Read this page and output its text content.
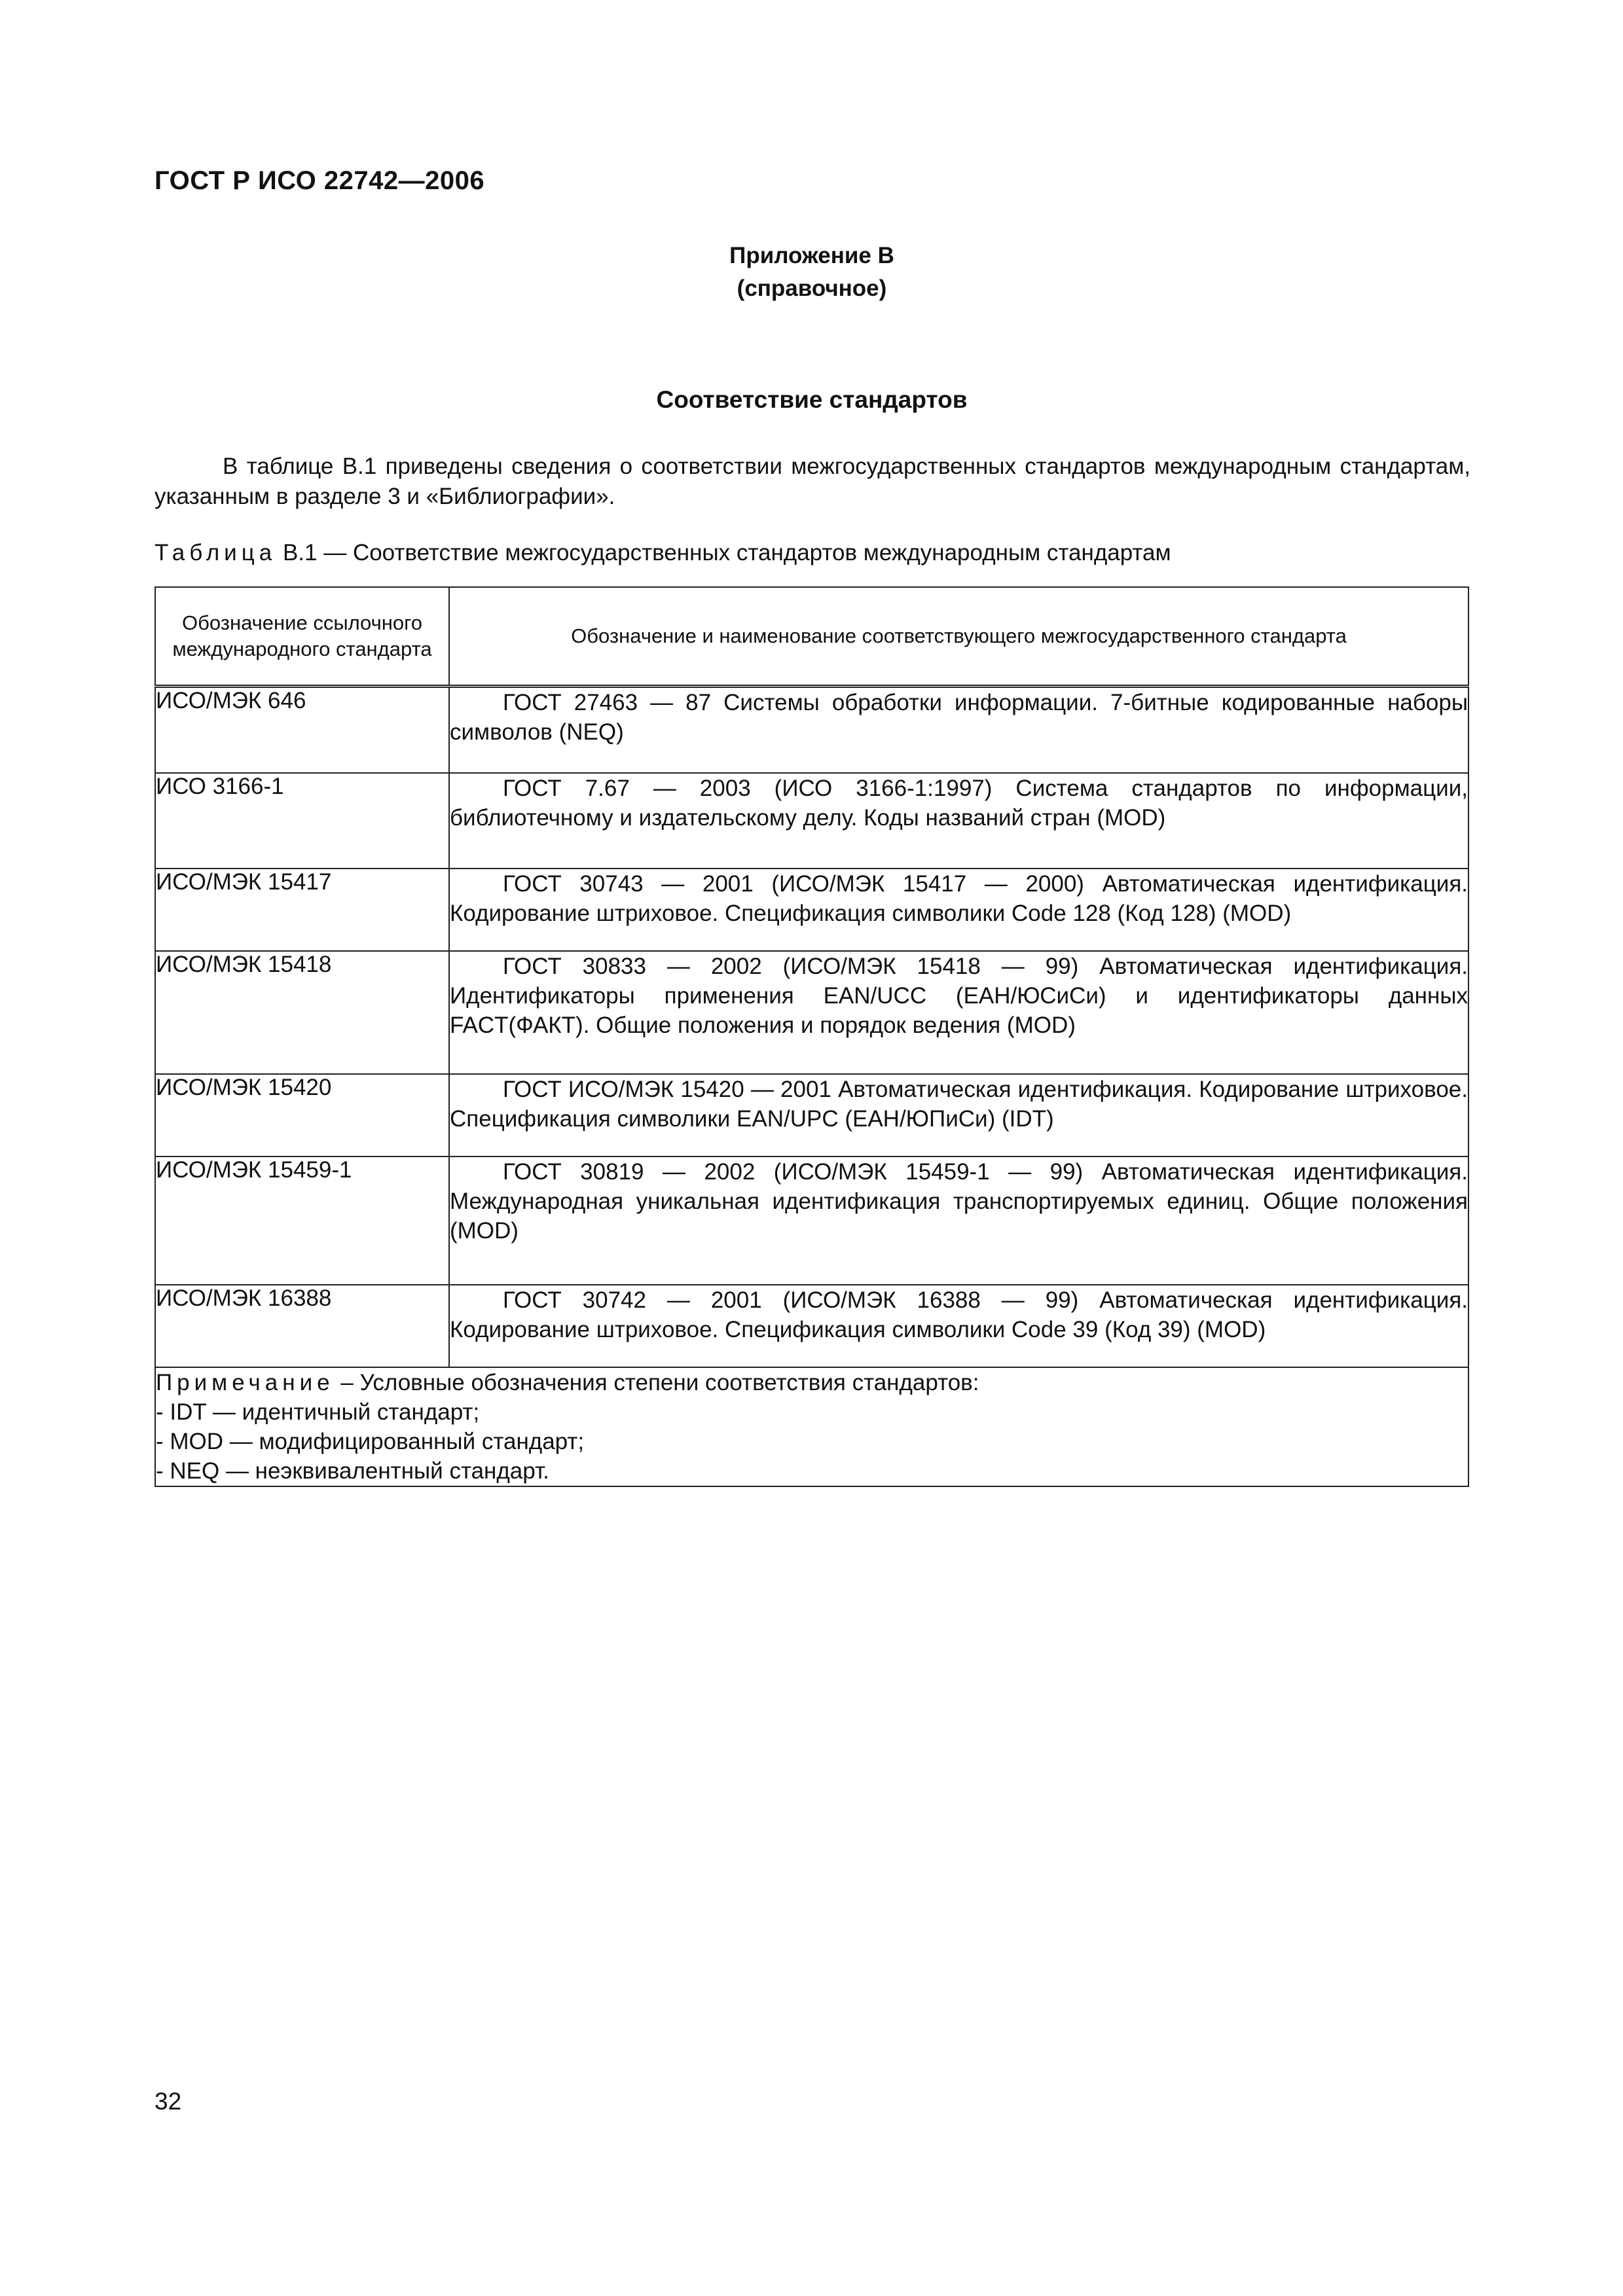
ГОСТ Р ИСО 22742—2006
Приложение В
(справочное)
Соответствие стандартов

В таблице В.1 приведены сведения о соответствии межгосударственных стандартов международным стандартам, указанным в разделе 3 и «Библиографии».

Таблица В.1 — Соответствие межгосударственных стандартов международным стандартам
Обозначение ссылочного международного стандарта	Обозначение и наименование соответствующего межгосударственного стандарта
ИСО/МЭК 646	ГОСТ 27463 — 87 Системы обработки информации. 7-битные кодированные наборы символов (NEQ)

ИСО 3166-1	ГОСТ 7.67 — 2003 (ИСО 3166-1:1997) Система стандартов по информации, библиотечному и издательскому делу. Коды названий стран (MOD)

ИСО/МЭК 15417	ГОСТ 30743 — 2001 (ИСО/МЭК 15417 — 2000) Автоматическая идентификация. Кодирование штриховое. Спецификация символики Code 128 (Код 128) (MOD)

ИСО/МЭК 15418	ГОСТ 30833 — 2002 (ИСО/МЭК 15418 — 99) Автоматическая идентификация. Идентификаторы применения EAN/UCC (ЕАН/ЮСиСи) и идентификаторы данных FACT(ФАКТ). Общие положения и порядок ведения (MOD)

ИСО/МЭК 15420	ГОСТ ИСО/МЭК 15420 — 2001 Автоматическая идентификация. Кодирование штриховое. Спецификация символики EAN/UPC (ЕАН/ЮПиСи) (IDT)

ИСО/МЭК 15459-1	ГОСТ 30819 — 2002 (ИСО/МЭК 15459-1 — 99) Автоматическая идентификация. Международная уникальная идентификация транспортируемых единиц. Общие положения (MOD)

ИСО/МЭК 16388	ГОСТ 30742 — 2001 (ИСО/МЭК 16388 — 99) Автоматическая идентификация. Кодирование штриховое. Спецификация символики Code 39 (Код 39) (MOD)

Примечание – Условные обозначения степени соответствия стандартов:
- IDT — идентичный стандарт;
- MOD — модифицированный стандарт;
- NEQ — неэквивалентный стандарт.	
32
